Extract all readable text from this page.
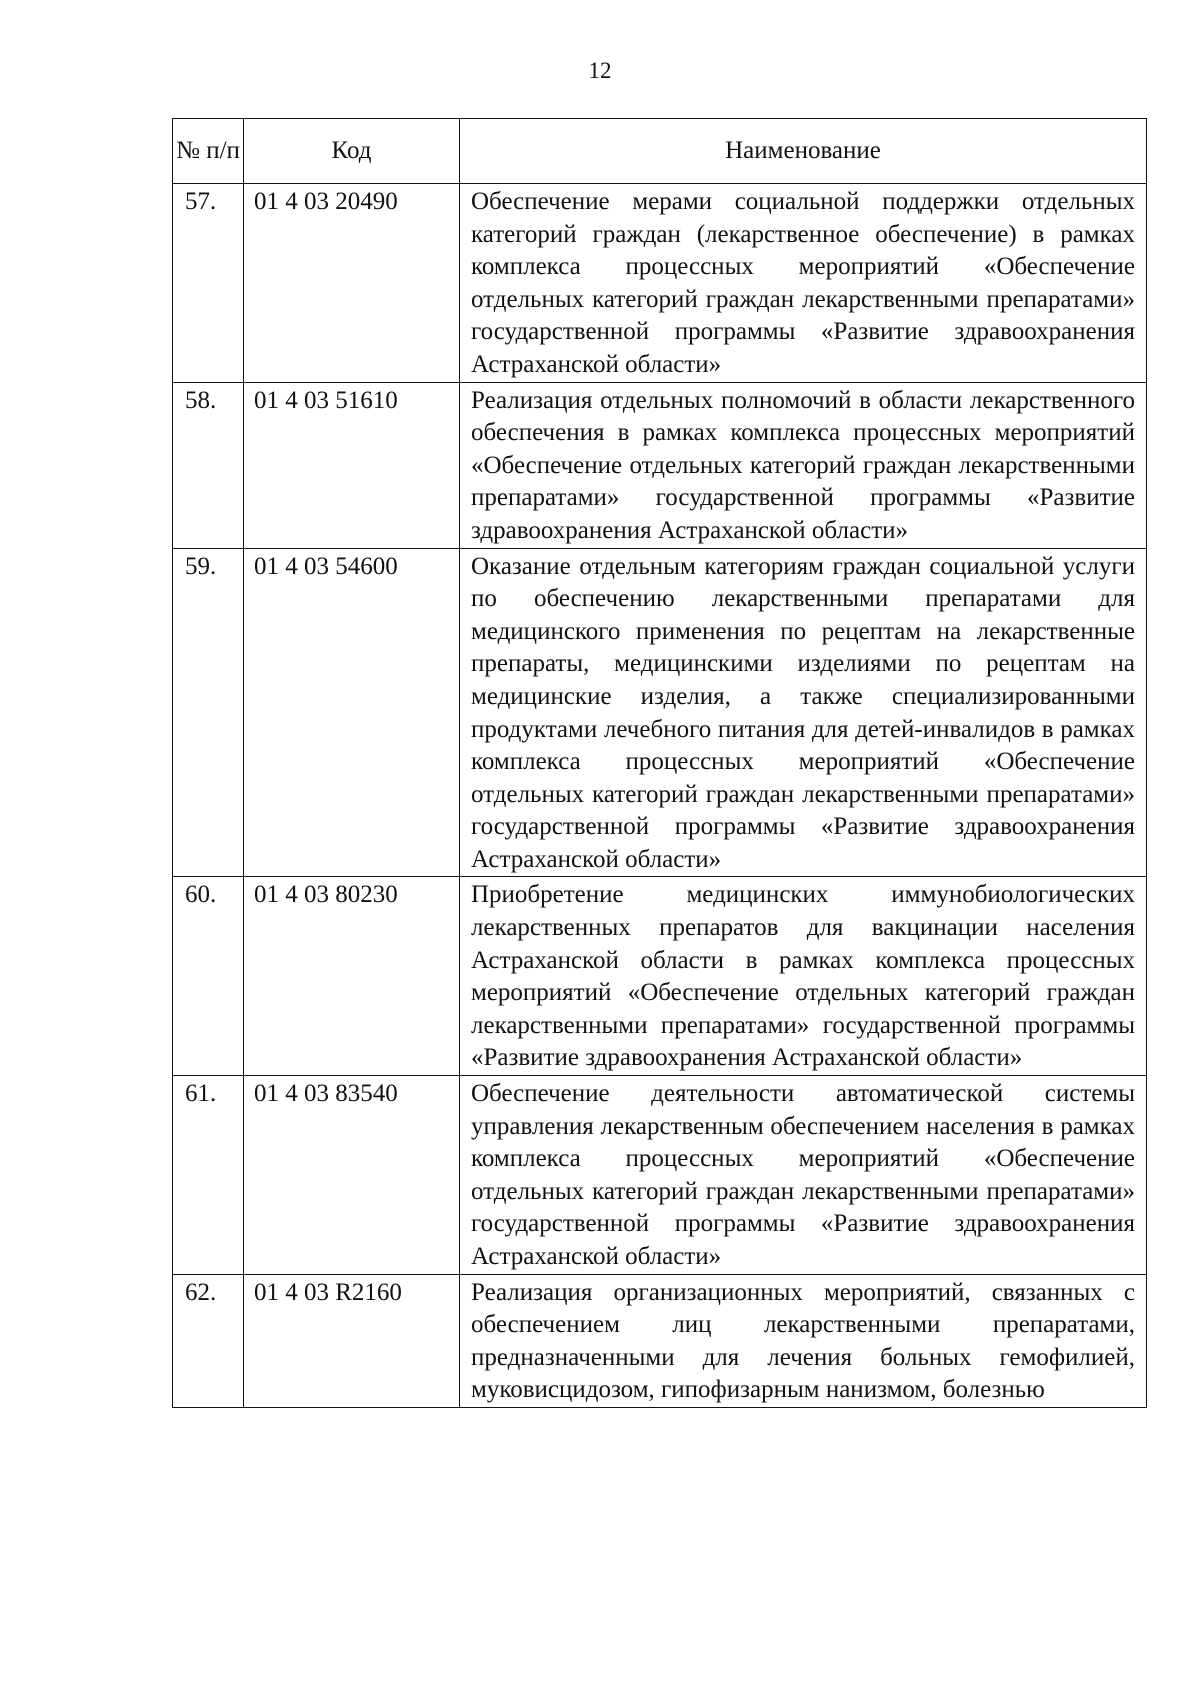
12
№ п/п	Код	Наименование
57.	01 4 03 20490	Обеспечение мерами социальной поддержки отдельных категорий граждан (лекарственное обеспечение) в рамках комплекса процессных мероприятий «Обеспечение отдельных категорий граждан лекарственными препаратами» государственной программы «Развитие здравоохранения Астраханской области»
58.	01 4 03 51610	Реализация отдельных полномочий в области лекарственного обеспечения в рамках комплекса процессных мероприятий «Обеспечение отдельных категорий граждан лекарственными препаратами» государственной программы «Развитие здравоохранения Астраханской области»
59.	01 4 03 54600	Оказание отдельным категориям граждан социальной услуги по обеспечению лекарственными препаратами для медицинского применения по рецептам на лекарственные препараты, медицинскими изделиями по рецептам на медицинские изделия, а также специализированными продуктами лечебного питания для детей-инвалидов в рамках комплекса процессных мероприятий «Обеспечение отдельных категорий граждан лекарственными препаратами» государственной программы «Развитие здравоохранения Астраханской области»
60.	01 4 03 80230	Приобретение медицинских иммунобиологических лекарственных препаратов для вакцинации населения Астраханской области в рамках комплекса процессных мероприятий «Обеспечение отдельных категорий граждан лекарственными препаратами» государственной программы «Развитие здравоохранения Астраханской области»
61.	01 4 03 83540	Обеспечение деятельности автоматической системы управления лекарственным обеспечением населения в рамках комплекса процессных мероприятий «Обеспечение отдельных категорий граждан лекарственными препаратами» государственной программы «Развитие здравоохранения Астраханской области»
62.	01 4 03 R2160	Реализация организационных мероприятий, связанных с обеспечением лиц лекарственными препаратами, предназначенными для лечения больных гемофилией, муковисцидозом, гипофизарным нанизмом, болезнью
